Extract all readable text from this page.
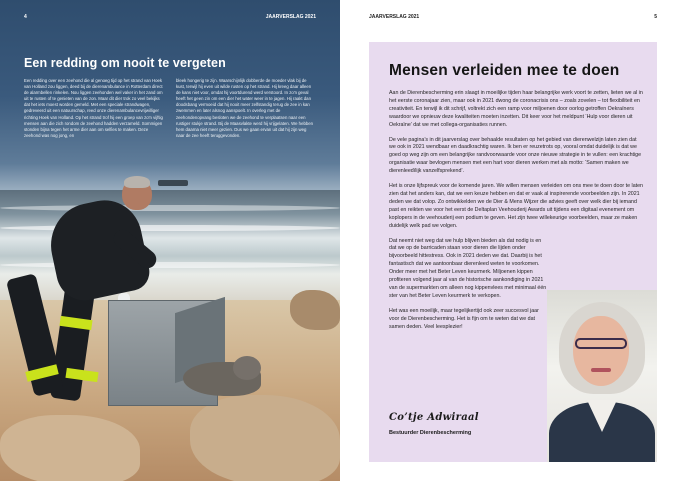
4	JAARVERSLAG 2021
Een redding om nooit te vergeten
Een redding over een zeehond die al genoeg tijd op het strand van Hoek van Holland zou liggen, deed bij de dierenambulance in Rotterdam direct de alarmbellen rinkelen. Nou liggen zeehonden wel vaker in het zand om uit te rusten of te genieten van de zon. Maar dit dier trok zo veel bekijks dat het iets moest worden gemeld. Met een speciale strandwagen, gedreveerd uit een natuurschap, reed onze dierenambulancevrijwilliger richting Hoek van Holland. Op het strand trof hij een groep van zo'n vijftig mensen aan die zich rondom de zeehond hadden verzameld. Sommigen stonden bijna tegen het arme dier aan om selfies te maken. Deze zeehond was nog jong, en
bleek hongerig te zijn. Waarschijnlijk dobberde de moeder vlak bij de kust, terwijl hij even uit wilde rusten op het strand. Hij kreeg daar alleen de kans niet voor, omdat hij voortdurend werd verstoord. In zo'n geval heeft het geen zin om een dier het water weer in te jagen. Hij raakt dan doodsbang vermoeid dat hij nooit meer zelfstandig terug de zee in kan zwemmen en later alsnog aanspoelt. In overleg met de zeehondenopvang besloten we de zeehond te verplaatsen naar een rustiger stukje strand. Bij de Maasvlakte werd hij vrijgelaten. We hebben hem daarna niet meer gezien. Dus we gaan ervan uit dat hij zijn weg naar de zee heeft teruggevonden.
JAARVERSLAG 2021	5
Mensen verleiden mee te doen

Aan de Dierenbescherming erin slaagt in moeilijke tijden haar belangrijke werk voort te zetten, lieten we al in het eerste coronajaar zien, maar ook in 2021 dwong de coronacrisis ons – zoals zovelen – tot flexibiliteit en creativiteit. En terwijl ik dit schrijf, voltrekt zich een ramp voor miljoenen door oorlog getroffen Oekraïners waardoor we opnieuw deze kwaliteiten moeten inzetten. Dit keer voor het meldpunt ‘Hulp voor dieren uit Oekraïne’ dat we met collega-organisaties runnen.

De vele pagina’s in dit jaarverslag over behaalde resultaten op het gebied van dierenwelzijn laten zien dat we ook in 2021 wendbaar en daadkrachtig waren. Ik ben er reuzetrots op, vooral omdat duidelijk is dat we goed op weg zijn om een belangrijke randvoorwaarde voor onze nieuwe strategie in te vullen: een krachtige organisatie waar bevlogen mensen met een hart voor dieren werken met als motto: ‘Samen maken we dierenleedïlijk vanzelfsprekend’.

Het is onze lijfspreuk voor de komende jaren. We willen mensen verleiden om ons mee te doen door te laten zien dat het anders kan, dat we een keuze hebben en dat er vaak al inspirerende voorbeelden zijn. In 2021 deden we dat volop. Zo ontwikkelden we de Dier & Mens Wijzer die advies geeft over welk dier bij iemand past en reikten we voor het eerst de Deltaplan Veehouderij Awards uit tijdens een digitaal evenement om koplopers in de veehouderij een podium te geven. Het zijn twee willekeurige voorbeelden, maar ze maken duidelijk welk pad we volgen.

Dat neemt niet weg dat we hulp blijven bieden als dat nodig is en dat we op de barricaden staan voor dieren die lijden onder bijvoorbeeld hittestress. Ook in 2021 deden we dat. Daarbij is het fantastisch dat we aantoonbaar dierenleed weten te voorkomen. Onder meer met het Beter Leven keurmerk. Miljoenen kippen profiteren volgend jaar al van de historische aankondiging in 2021 van de supermarkten om alleen nog kippenvlees met minimaal één ster van het Beter Leven keurmerk te verkopen.

Het was een moeilijk, maar tegelijkertijd ook zeer succesvol jaar voor de Dierenbescherming. Het is fijn om te weten dat we dat samen deden. Veel leesplezier!

Co’tje Adwiraal
Bestuurder Dierenbescherming
